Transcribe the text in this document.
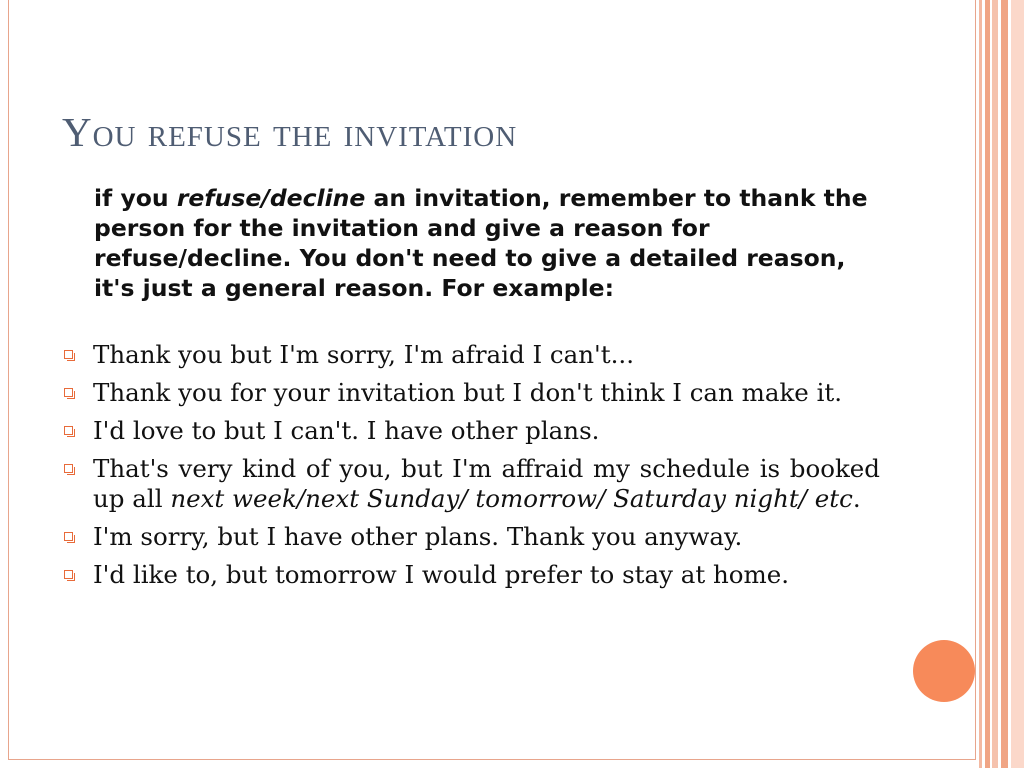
You refuse the invitation
if you refuse/decline an invitation, remember to thank the person for the invitation and give a reason for refuse/decline. You don't need to give a detailed reason, it's just a general reason. For example:
Thank you but I'm sorry, I'm afraid I can't...
Thank you for your invitation but I don't think I can make it.
I'd love to but I can't. I have other plans.
That's very kind of you, but I'm affraid my schedule is booked up all next week/next Sunday/ tomorrow/ Saturday night/ etc.
I'm sorry, but I have other plans. Thank you anyway.
I'd like to, but tomorrow I would prefer to stay at home.
